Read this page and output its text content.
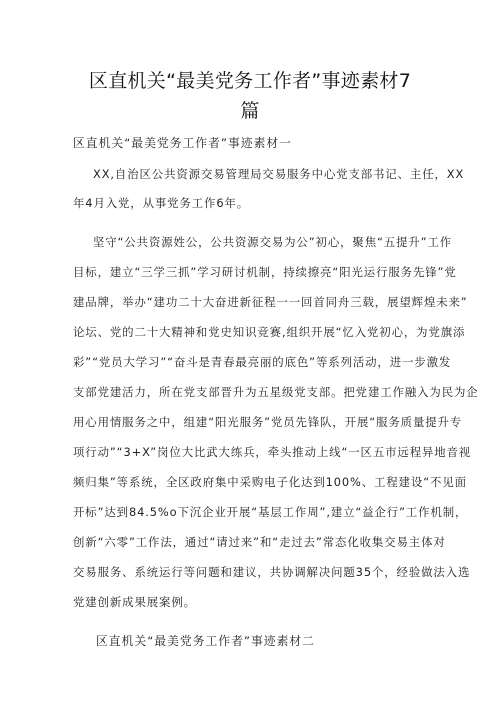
区直机关“最美党务工作者”事迹素材7
篇
区直机关“最美党务工作者”事迹素材一
XX,自治区公共资源交易管理局交易服务中心党支部书记、主任，XX
年4月入党，从事党务工作6年。
坚守“公共资源姓公，公共资源交易为公”初心，聚焦“五提升”工作
目标，建立“三学三抓”学习研讨机制，持续擦亮“阳光运行服务先锋”党
建品牌，举办“建功二十大奋进新征程一一回首同舟三载，展望辉煌未来”
论坛、党的二十大精神和党史知识竞赛,组织开展“忆入党初心，为党旗添
彩”“党员大学习”“奋斗是青春最亮丽的底色”等系列活动，进一步激发
支部党建活力，所在党支部晋升为五星级党支部。把党建工作融入为民为企
用心用情服务之中，组建“阳光服务”党员先锋队，开展“服务质量提升专
项行动”“3+X”岗位大比武大练兵，牵头推动上线“一区五市远程异地音视
频归集”等系统，全区政府集中采购电子化达到100%、工程建设“不见面
开标”达到84.5%o下沉企业开展“基层工作周”,建立“益企行”工作机制，
创新“六零”工作法，通过“请过来”和“走过去”常态化收集交易主体对
交易服务、系统运行等问题和建议，共协调解决问题35个，经验做法入选
党建创新成果展案例。
区直机关“最美党务工作者”事迹素材二
